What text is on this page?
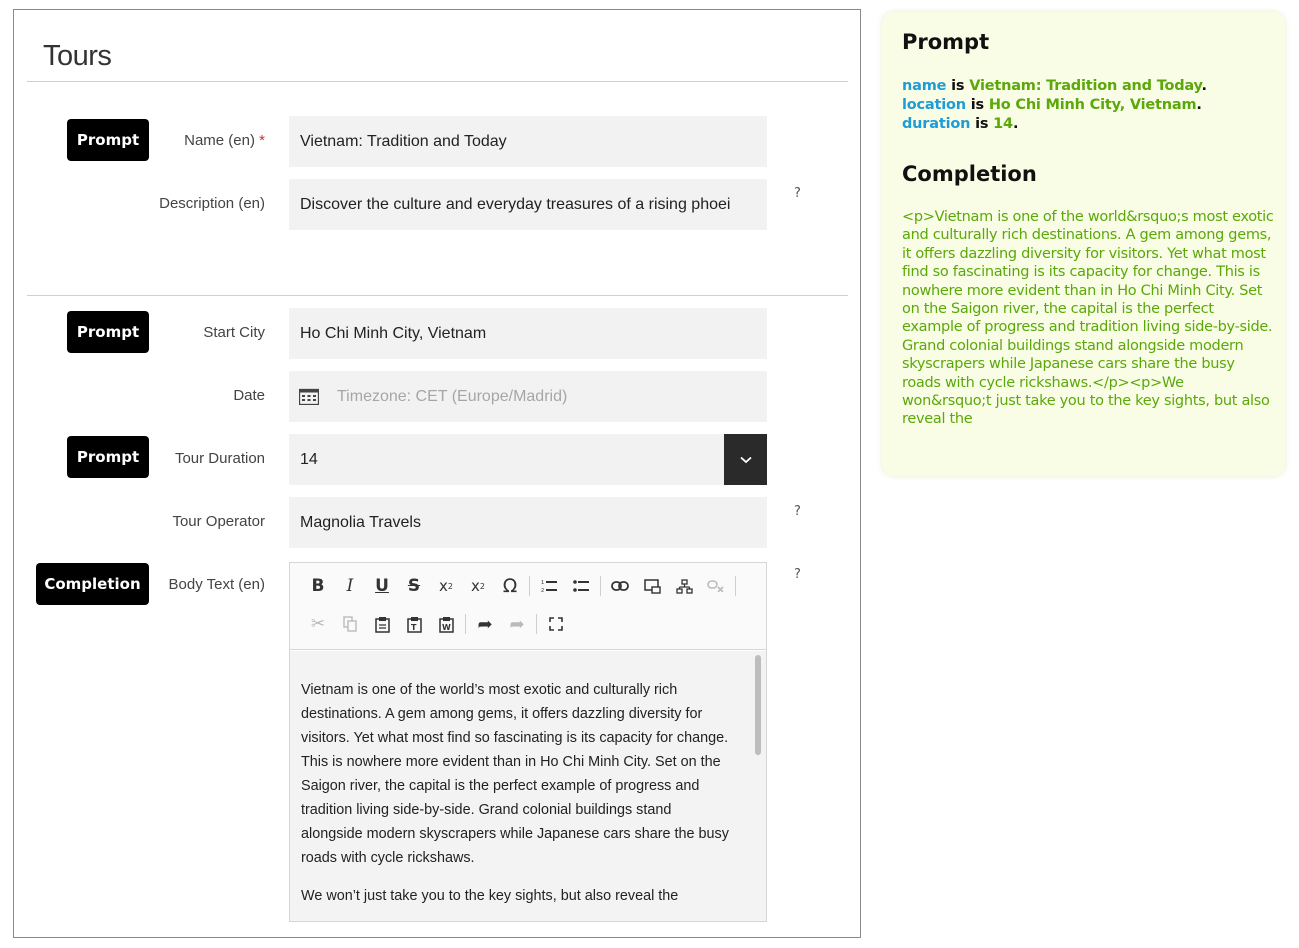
Tours
Prompt	Name (en) *	Vietnam: Tradition and Today
Description (en)	Discover the culture and everyday treasures of a rising phoei
?
Prompt	Start City	Ho Chi Minh City, Vietnam
Date	Timezone: CET (Europe/Madrid)
Prompt	Tour Duration 14
Tour Operator	Magnolia Travels
?
Completion	Body Text (en)
?
B	I	U	S	x 2	x 2 Ω	1
2
✂	T	W	➦ ➦

Vietnam is one of the world’s most exotic and culturally rich destinations. A gem among gems, it offers dazzling diversity for visitors. Yet what most find so fascinating is its capacity for change. This is nowhere more evident than in Ho Chi Minh City. Set on the Saigon river, the capital is the perfect example of progress and tradition living side-by-side. Grand colonial buildings stand alongside modern skyscrapers while Japanese cars share the busy roads with cycle rickshaws.

We won’t just take you to the key sights, but also reveal the

Prompt
name is Vietnam: Tradition and Today. location is Ho Chi Minh City, Vietnam. duration is 14.
Completion
<p>Vietnam is one of the world&rsquo;s most exotic and culturally rich destinations. A gem among gems, it offers dazzling diversity for visitors. Yet what most find so fascinating is its capacity for change. This is nowhere more evident than in Ho Chi Minh City. Set on the Saigon river, the capital is the perfect example of progress and tradition living side-by-side. Grand colonial buildings stand alongside modern skyscrapers while Japanese cars share the busy roads with cycle rickshaws.</p><p>We won&rsquo;t just take you to the key sights, but also reveal the
